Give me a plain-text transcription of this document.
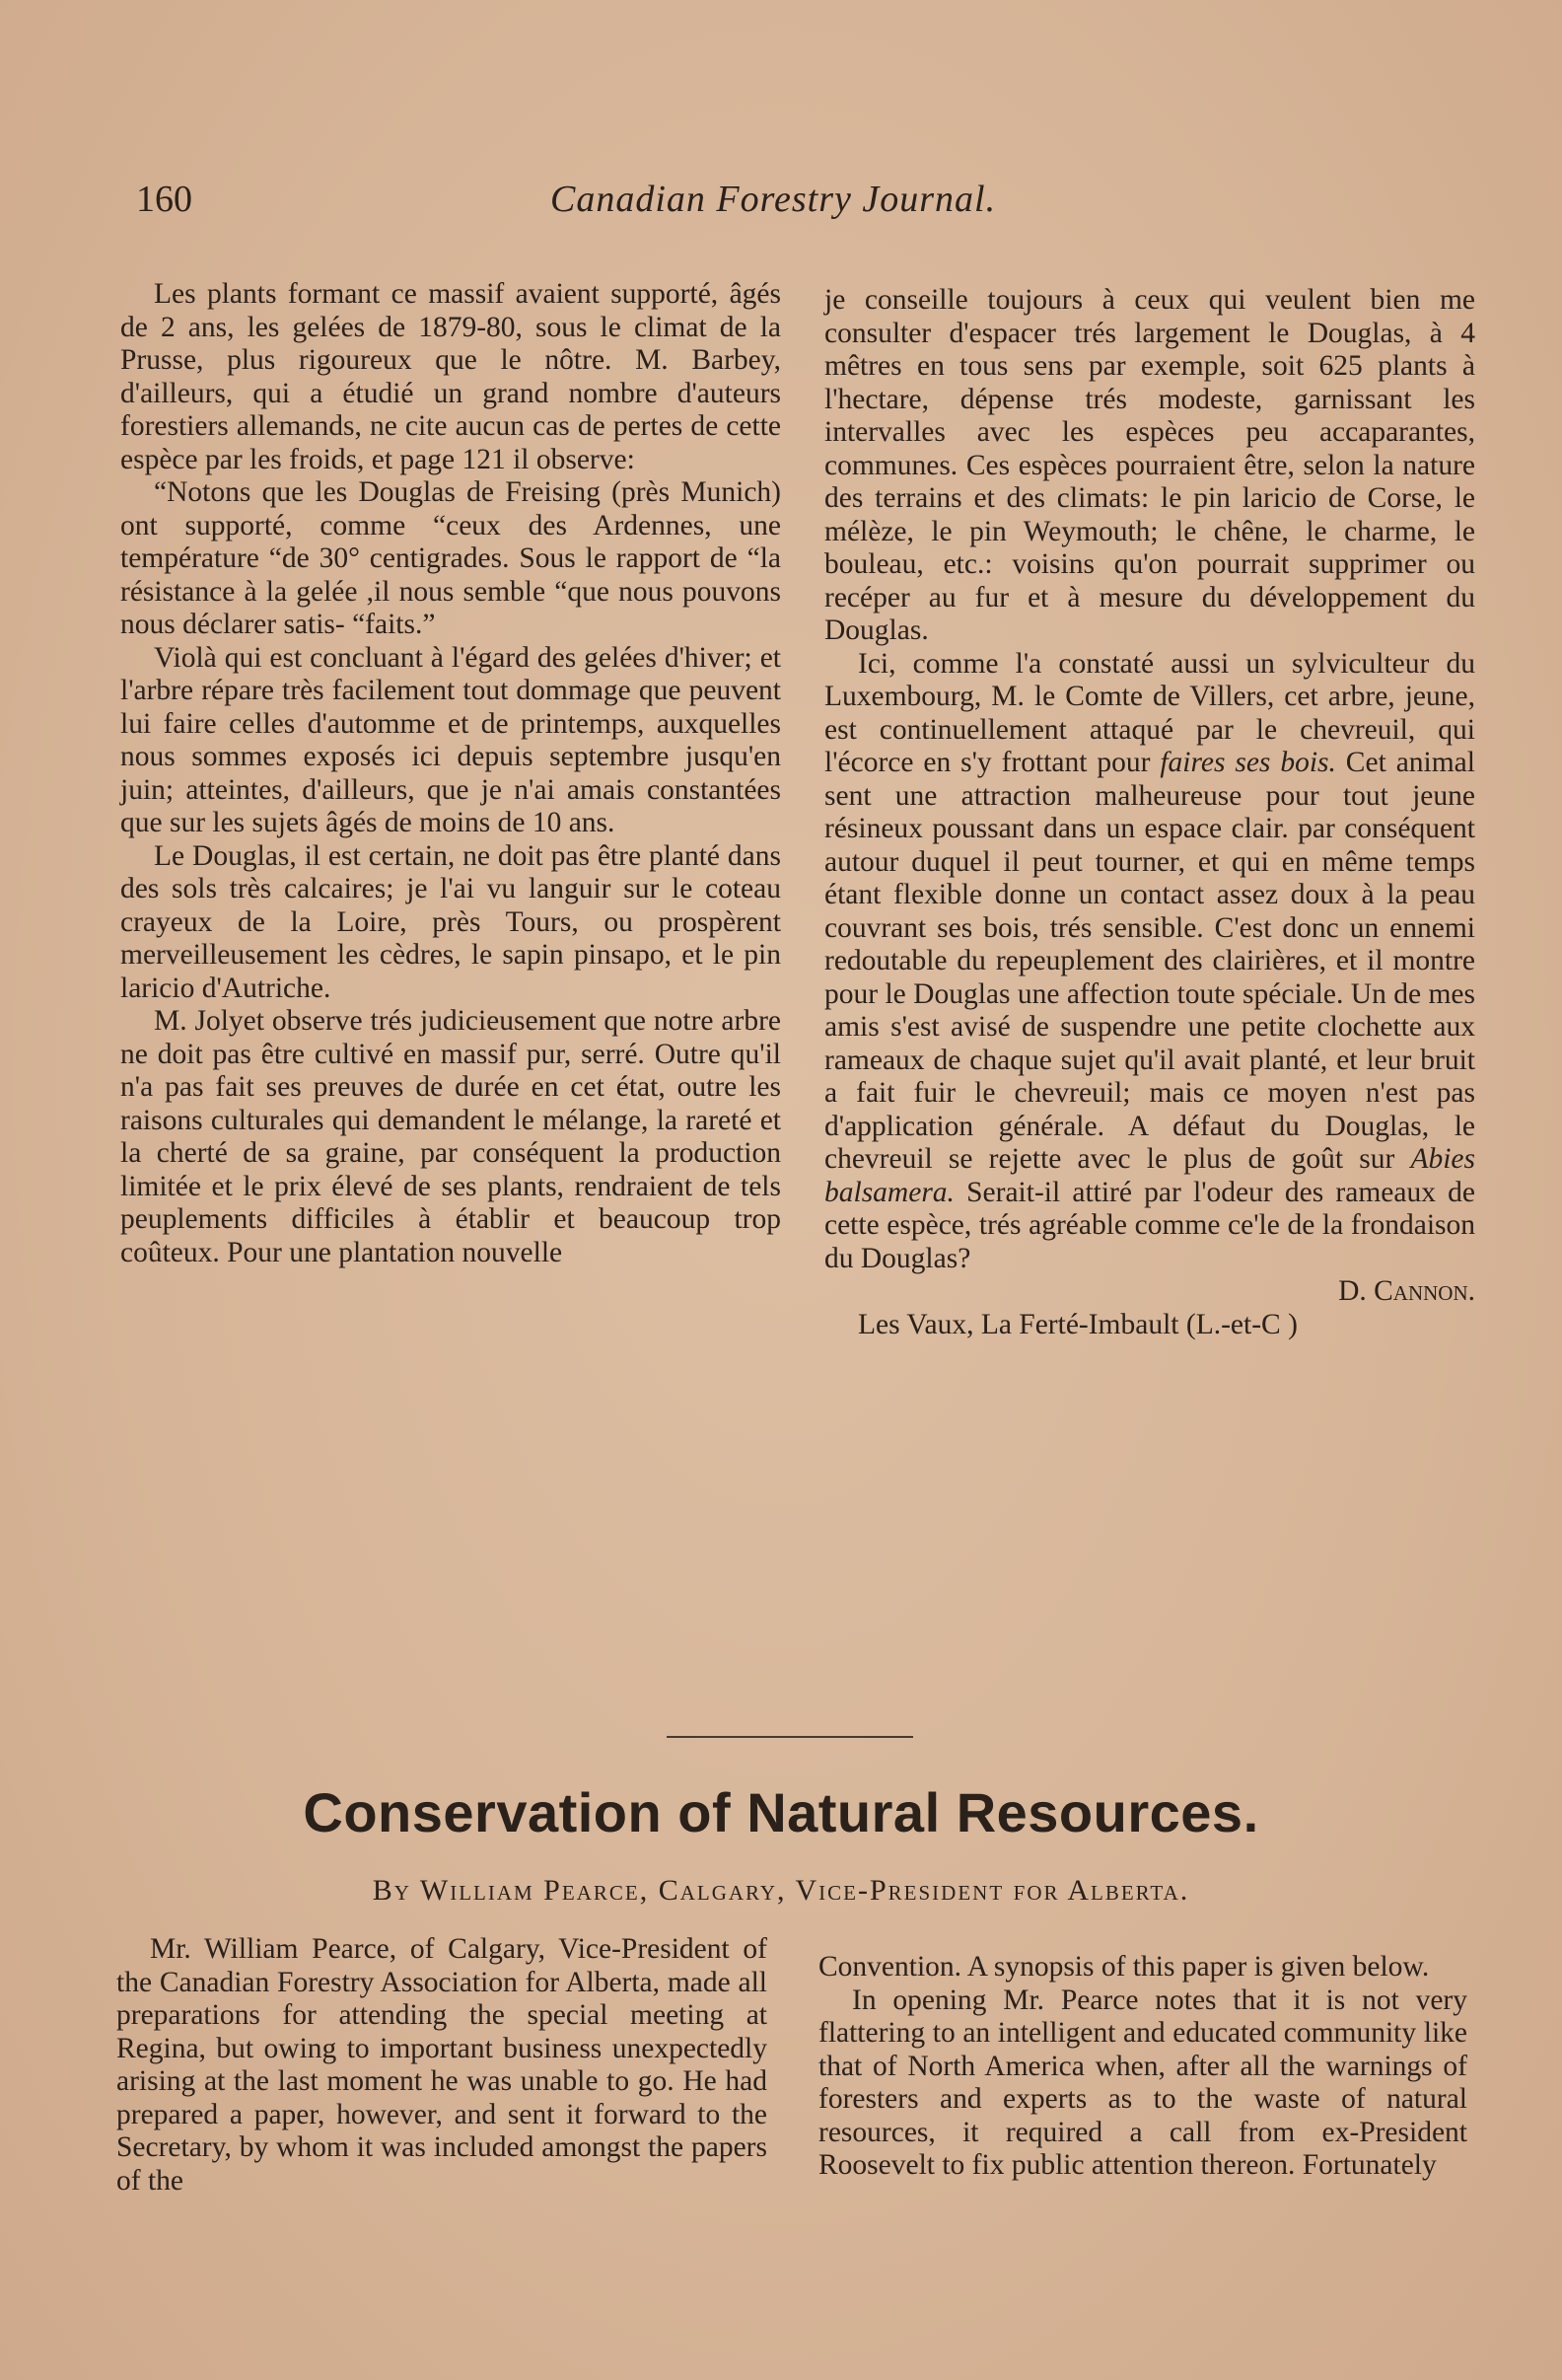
160	Canadian Forestry Journal.

Les plants formant ce massif avaient supporté, âgés de 2 ans, les gelées de 1879-80, sous le climat de la Prusse, plus rigoureux que le nôtre. M. Barbey, d'ailleurs, qui a étudié un grand nombre d'auteurs forestiers allemands, ne cite aucun cas de pertes de cette espèce par les froids, et page 121 il observe:

“Notons que les Douglas de Freising (près Munich) ont supporté, comme “ceux des Ardennes, une température “de 30° centigrades. Sous le rapport de “la résistance à la gelée ,il nous semble “que nous pouvons nous déclarer satis- “faits.”

Violà qui est concluant à l'égard des gelées d'hiver; et l'arbre répare très facilement tout dommage que peuvent lui faire celles d'automme et de printemps, auxquelles nous sommes exposés ici depuis septembre jusqu'en juin; atteintes, d'ailleurs, que je n'ai amais constantées que sur les sujets âgés de moins de 10 ans.

Le Douglas, il est certain, ne doit pas être planté dans des sols très calcaires; je l'ai vu languir sur le coteau crayeux de la Loire, près Tours, ou prospèrent merveilleusement les cèdres, le sapin pinsapo, et le pin laricio d'Autriche.

M. Jolyet observe trés judicieusement que notre arbre ne doit pas être cultivé en massif pur, serré. Outre qu'il n'a pas fait ses preuves de durée en cet état, outre les raisons culturales qui demandent le mélange, la rareté et la cherté de sa graine, par conséquent la production limitée et le prix élevé de ses plants, rendraient de tels peuplements difficiles à établir et beaucoup trop coûteux. Pour une plantation nouvelle

je conseille toujours à ceux qui veulent bien me consulter d'espacer trés largement le Douglas, à 4 mêtres en tous sens par exemple, soit 625 plants à l'hectare, dépense trés modeste, garnissant les intervalles avec les espèces peu accaparantes, communes. Ces espèces pourraient être, selon la nature des terrains et des climats: le pin laricio de Corse, le mélèze, le pin Weymouth; le chêne, le charme, le bouleau, etc.: voisins qu'on pourrait supprimer ou recéper au fur et à mesure du développement du Douglas.

Ici, comme l'a constaté aussi un sylviculteur du Luxembourg, M. le Comte de Villers, cet arbre, jeune, est continuellement attaqué par le chevreuil, qui l'écorce en s'y frottant pour faires ses bois. Cet animal sent une attraction malheureuse pour tout jeune résineux poussant dans un espace clair. par conséquent autour duquel il peut tourner, et qui en même temps étant flexible donne un contact assez doux à la peau couvrant ses bois, trés sensible. C'est donc un ennemi redoutable du repeuplement des clairières, et il montre pour le Douglas une affection toute spéciale. Un de mes amis s'est avisé de suspendre une petite clochette aux rameaux de chaque sujet qu'il avait planté, et leur bruit a fait fuir le chevreuil; mais ce moyen n'est pas d'application générale. A défaut du Douglas, le chevreuil se rejette avec le plus de goût sur Abies balsamera. Serait-il attiré par l'odeur des rameaux de cette espèce, trés agréable comme ce'le de la frondaison du Douglas?

D. Cannon.

Les Vaux, La Ferté-Imbault (L.-et-C )

Conservation of Natural Resources.
By William Pearce, Calgary, Vice-President for Alberta.

Mr. William Pearce, of Calgary, Vice-President of the Canadian Forestry Association for Alberta, made all preparations for attending the special meeting at Regina, but owing to important business unexpectedly arising at the last moment he was unable to go. He had prepared a paper, however, and sent it forward to the Secretary, by whom it was included amongst the papers of the

Convention. A synopsis of this paper is given below.

In opening Mr. Pearce notes that it is not very flattering to an intelligent and educated community like that of North America when, after all the warnings of foresters and experts as to the waste of natural resources, it required a call from ex-President Roosevelt to fix public attention thereon. Fortunately
